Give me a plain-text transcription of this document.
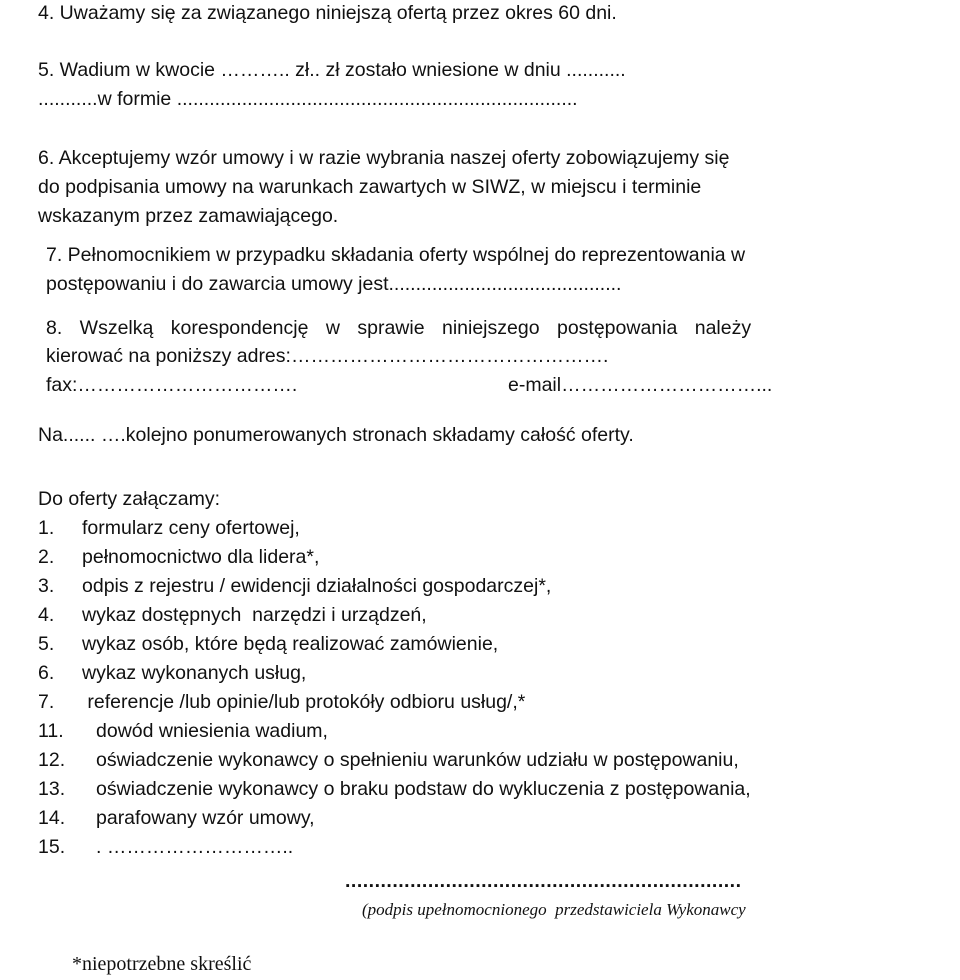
4. Uważamy się za związanego niniejszą ofertą przez okres 60 dni.
5. Wadium w kwocie ……….. zł.. zł zostało wniesione w dniu ...........
...........w formie ..........................................................................
6. Akceptujemy wzór umowy i w razie wybrania naszej oferty zobowiązujemy się
do podpisania umowy na warunkach zawartych w SIWZ, w miejscu i terminie
wskazanym przez zamawiającego.
7. Pełnomocnikiem w przypadku składania oferty wspólnej do reprezentowania w
postępowaniu i do zawarcia umowy jest...........................................
8. Wszelką korespondencję w sprawie niniejszego postępowania należy
kierować na poniższy adres:………………………………………….
fax:…………………………….	e-mail…………………………...
Na...... ….kolejno ponumerowanych stronach składamy całość oferty.
Do oferty załączamy:
1. formularz ceny ofertowej,
2. pełnomocnictwo dla lidera*,
3. odpis z rejestru / ewidencji działalności gospodarczej*,
4. wykaz dostępnych  narzędzi i urządzeń,
5. wykaz osób, które będą realizować zamówienie,
6. wykaz wykonanych usług,
7. referencje /lub opinie/lub protokóły odbioru usług/,*
11. dowód wniesienia wadium,
12. oświadczenie wykonawcy o spełnieniu warunków udziału w postępowaniu,
13. oświadczenie wykonawcy o braku podstaw do wykluczenia z postępowania,
14. parafowany wzór umowy,
15. . ………………………..
...................................................................
(podpis upełnomocnionego  przedstawiciela Wykonawcy
*niepotrzebne skreślić
